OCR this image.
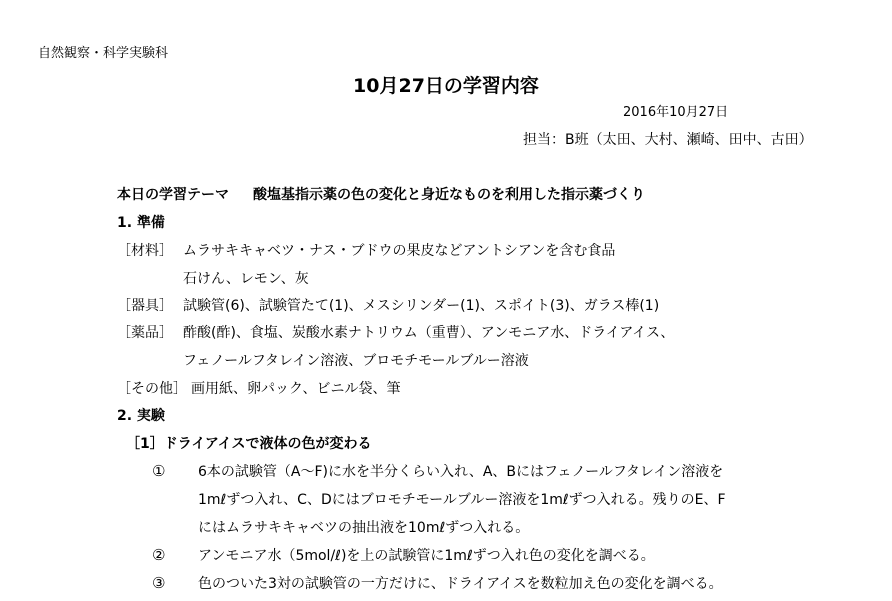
自然観察・科学実験科
10月27日の学習内容
2016年10月27日
担当：B班（太田、大村、瀬崎、田中、古田）
本日の学習テーマ 酸塩基指示薬の色の変化と身近なものを利用した指示薬づくり
1. 準備
［材料］ ムラサキキャベツ・ナス・ブドウの果皮などアントシアンを含む食品
石けん、レモン、灰
［器具］ 試験管(6)、試験管たて(1)、メスシリンダー(1)、スポイト(3)、ガラス棒(1)
［薬品］ 酢酸(酢)、食塩、炭酸水素ナトリウム（重曹）、アンモニア水、ドライアイス、
フェノールフタレイン溶液、ブロモチモールブルー溶液
［その他］ 画用紙、卵パック、ビニル袋、筆
2. 実験
［1］ドライアイスで液体の色が変わる
① 6本の試験管（A～F)に水を半分くらい入れ、A、Bにはフェノールフタレイン溶液を
1mℓずつ入れ、C、Dにはブロモチモールブルー溶液を1mℓずつ入れる。残りのE、F
にはムラサキキャベツの抽出液を10mℓずつ入れる。
② アンモニア水（5mol/ℓ)を上の試験管に1mℓずつ入れ色の変化を調べる。
③ 色のついた3対の試験管の一方だけに、ドライアイスを数粒加え色の変化を調べる。
